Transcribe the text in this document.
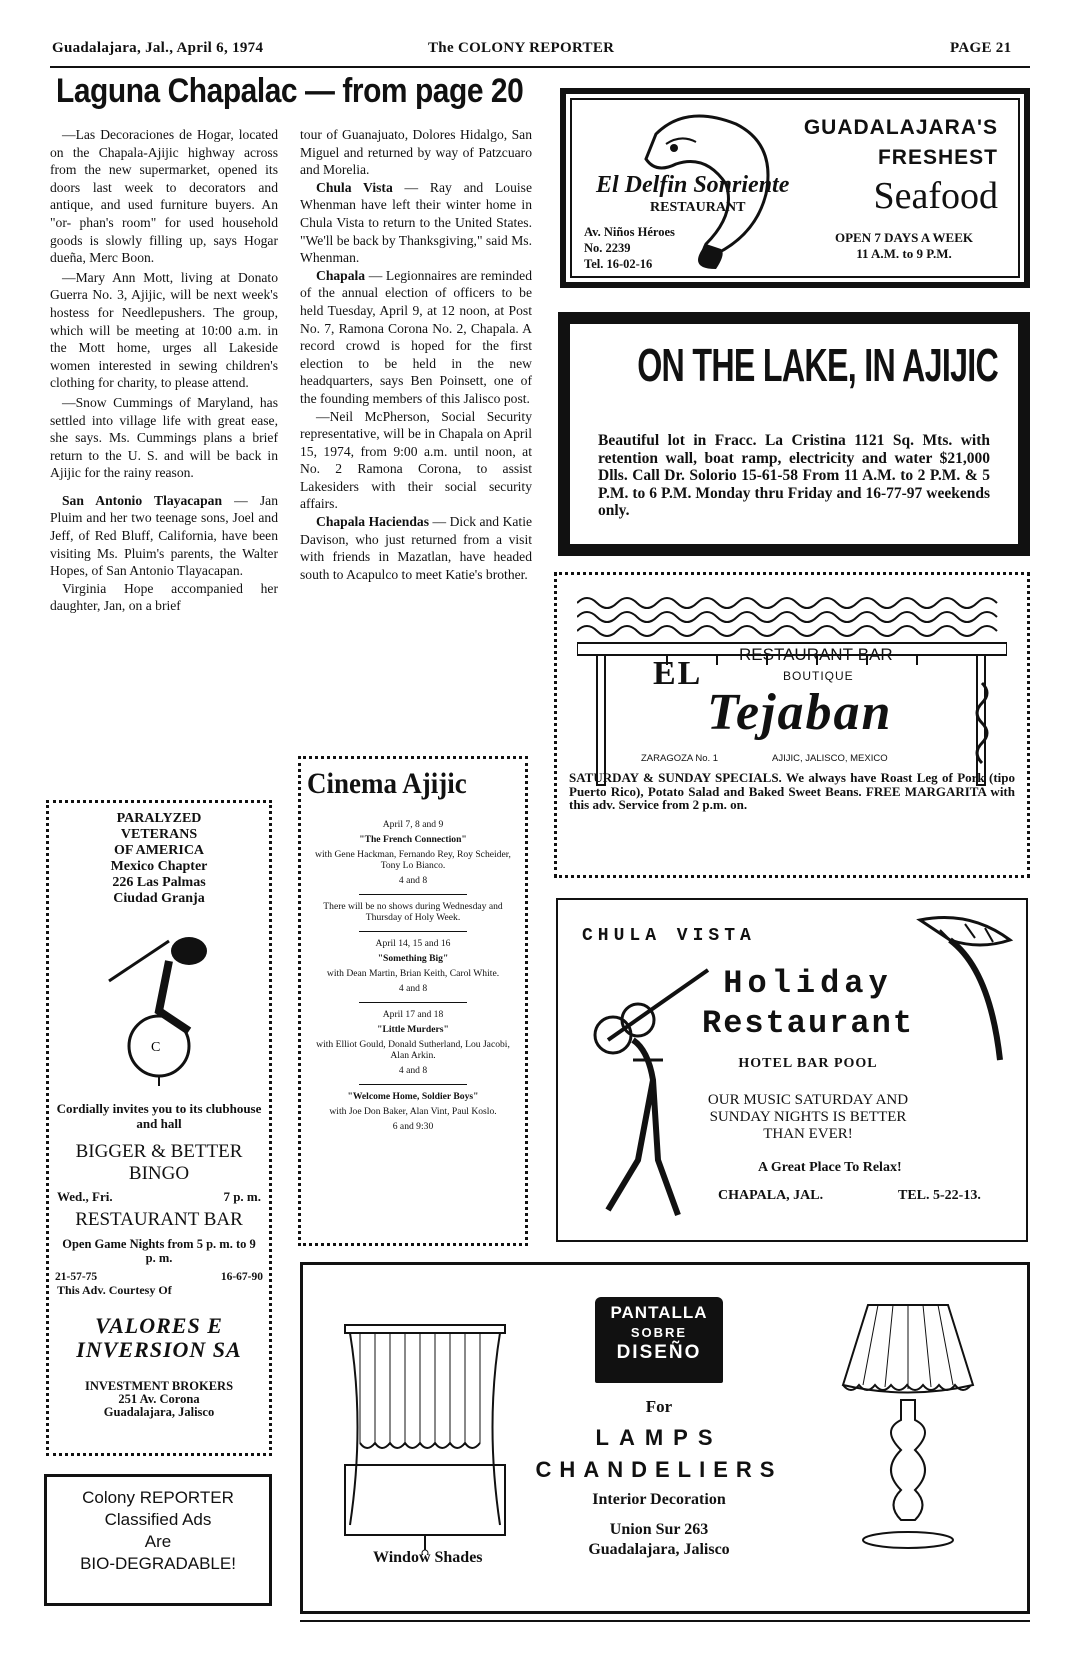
Guadalajara, Jal., April 6, 1974	The COLONY REPORTER	PAGE 21
Laguna Chapalac — from page 20

—Las Decoraciones de Hogar, located on the Chapala-Ajijic highway across from the new supermarket, opened its doors last week to decorators and antique, and used furniture buyers. An "or- phan's room" for used household goods is slowly filling up, says Hogar dueña, Merc Boon.

—Mary Ann Mott, living at Donato Guerra No. 3, Ajijic, will be next week's hostess for Needlepushers. The group, which will be meeting at 10:00 a.m. in the Mott home, urges all Lakeside women interested in sewing children's clothing for charity, to please attend.

—Snow Cummings of Maryland, has settled into village life with great ease, she says. Ms. Cummings plans a brief return to the U. S. and will be back in Ajijic for the rainy reason.

San Antonio Tlayacapan — Jan Pluim and her two teenage sons, Joel and Jeff, of Red Bluff, California, have been visiting Ms. Pluim's parents, the Walter Hopes, of San Antonio Tlayacapan.

Virginia Hope accompanied her daughter, Jan, on a brief

tour of Guanajuato, Dolores Hidalgo, San Miguel and returned by way of Patzcuaro and Morelia.

Chula Vista — Ray and Louise Whenman have left their winter home in Chula Vista to return to the United States. "We'll be back by Thanksgiving," said Ms. Whenman.

Chapala — Legionnaires are reminded of the annual election of officers to be held Tuesday, April 9, at 12 noon, at Post No. 7, Ramona Corona No. 2, Chapala. A record crowd is hoped for the first election to be held in the new headquarters, says Ben Poinsett, one of the founding members of this Jalisco post.

—Neil McPherson, Social Security representative, will be in Chapala on April 15, 1974, from 9:00 a.m. until noon, at No. 2 Ramona Corona, to assist Lakesiders with their social security affairs.

Chapala Haciendas — Dick and Katie Davison, who just returned from a visit with friends in Mazatlan, have headed south to Acapulco to meet Katie's brother.

El Delfin Sonriente
RESTAURANT
Av. Niños Héroes
No. 2239
Tel. 16-02-16
GUADALAJARA'S
FRESHEST
Seafood
OPEN 7 DAYS A WEEK
11 A.M. to 9 P.M.
ON THE LAKE, IN AJIJIC
Beautiful lot in Fracc. La Cristina 1121 Sq. Mts. with retention wall, boat ramp, electricity and water $21,000 Dlls. Call Dr. Solorio 15-61-58 From 11 A.M. to 2 P.M. & 5 P.M. to 6 P.M. Monday thru Friday and 16-77-97 weekends only.
RESTAURANT-BAR
EL	BOUTIQUE
Tejaban
ZARAGOZA No. 1	AJIJIC, JALISCO, MEXICO
SATURDAY & SUNDAY SPECIALS. We always have Roast Leg of Pork (tipo Puerto Rico), Potato Salad and Baked Sweet Beans. FREE MARGARITA with this adv. Service from 2 p.m. on.
CHULA VISTA
Holiday
Restaurant
HOTEL BAR POOL
OUR MUSIC SATURDAY AND SUNDAY NIGHTS IS BETTER THAN EVER!
A Great Place To Relax!
CHAPALA, JAL.	TEL. 5-22-13.
PARALYZED
VETERANS
OF AMERICA
Mexico Chapter
226 Las Palmas
Ciudad Granja
C
Cordially invites you to its clubhouse and hall
BIGGER & BETTER
BINGO
Wed., Fri.	7 p. m.
RESTAURANT BAR
Open Game Nights from 5 p. m. to 9 p. m.
21-57-75	16-67-90
This Adv. Courtesy Of
VALORES E INVERSION SA
INVESTMENT BROKERS
251 Av. Corona
Guadalajara, Jalisco
Cinema Ajijic
April 7, 8 and 9
"The French Connection"
with Gene Hackman, Fernando Rey, Roy Scheider, Tony Lo Bianco.
4 and 8
There will be no shows during Wednesday and Thursday of Holy Week.
April 14, 15 and 16
"Something Big"
with Dean Martin, Brian Keith, Carol White.
4 and 8
April 17 and 18
"Little Murders"
with Elliot Gould, Donald Sutherland, Lou Jacobi, Alan Arkin.
4 and 8
"Welcome Home, Soldier Boys"
with Joe Don Baker, Alan Vint, Paul Koslo.
6 and 9:30
Colony REPORTER
Classified Ads
Are
BIO-DEGRADABLE!	Window Shades
PANTALLA
SOBRE
DISEÑO
For
LAMPS
CHANDELIERS
Interior Decoration
Union Sur 263
Guadalajara, Jalisco
